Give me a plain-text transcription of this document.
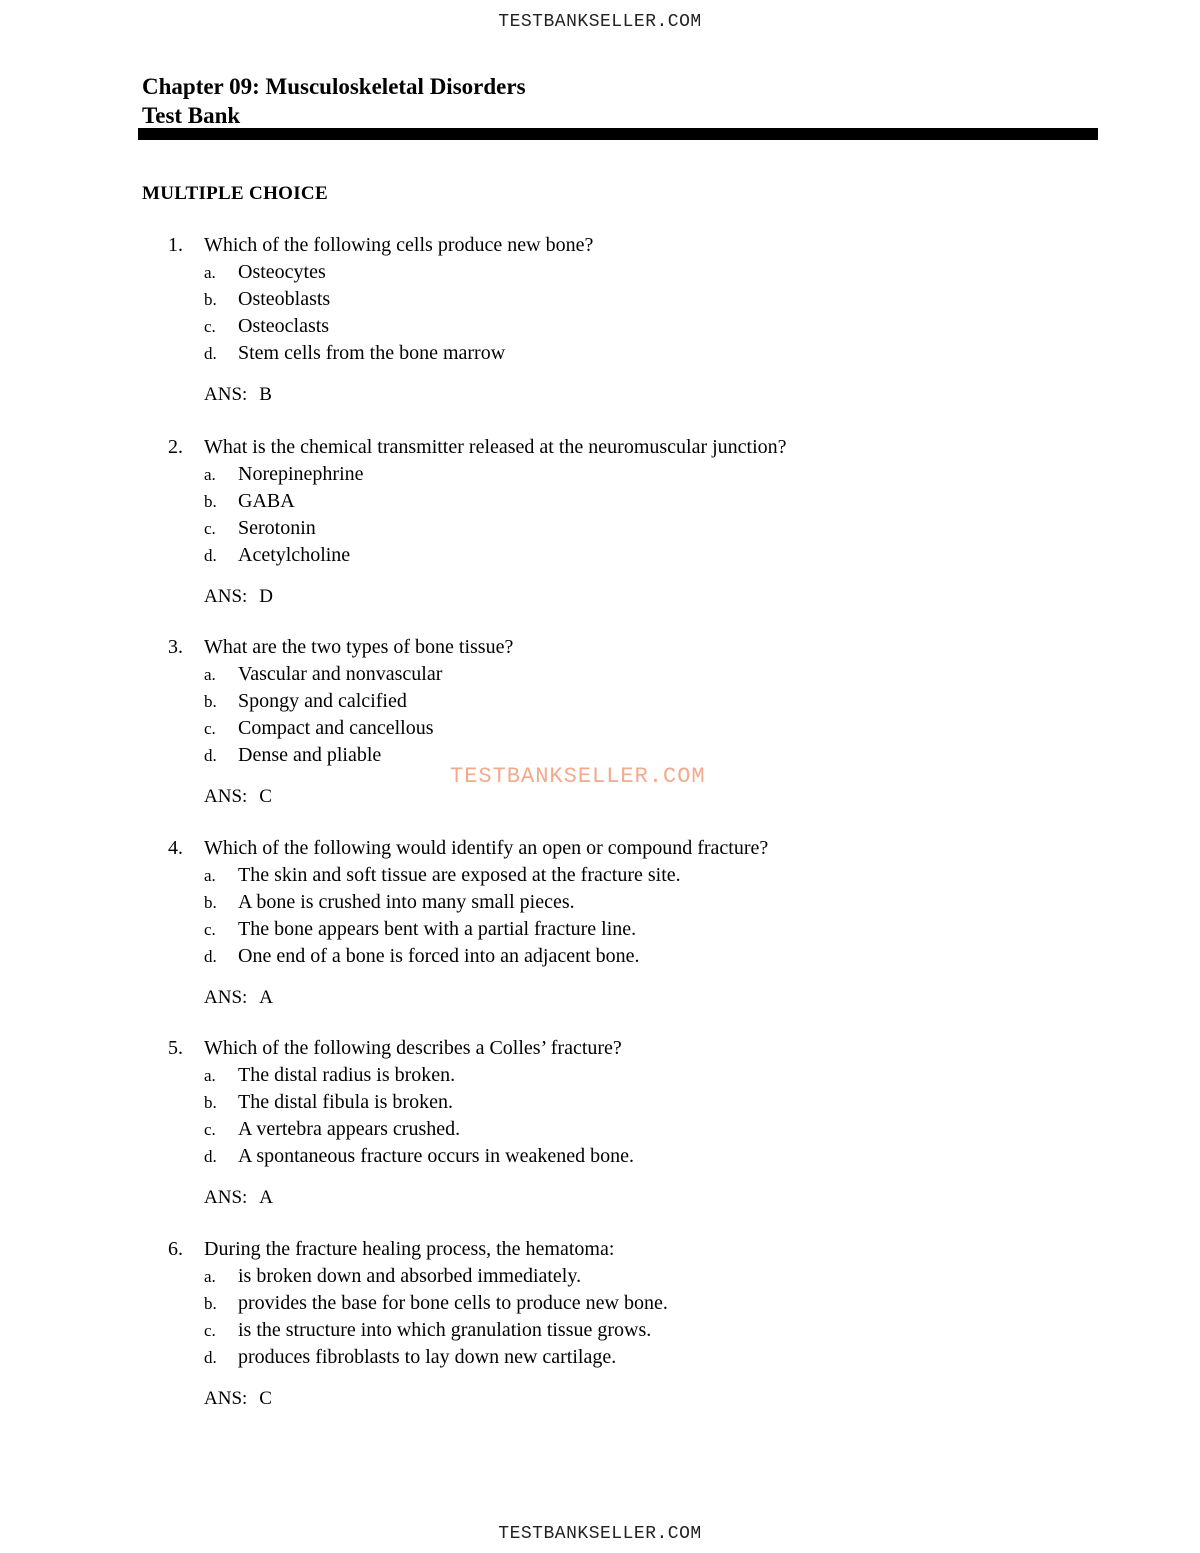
TESTBANKSELLER.COM
Chapter 09: Musculoskeletal Disorders
Test Bank
MULTIPLE CHOICE
1.	Which of the following cells produce new bone?
a. Osteocytes
b. Osteoblasts
c. Osteoclasts
d. Stem cells from the bone marrow
ANS: B
2.	What is the chemical transmitter released at the neuromuscular junction?
a. Norepinephrine
b. GABA
c. Serotonin
d. Acetylcholine
ANS: D
3.	What are the two types of bone tissue?
a. Vascular and nonvascular
b. Spongy and calcified
c. Compact and cancellous
d. Dense and pliable
ANS: C
4.	Which of the following would identify an open or compound fracture?
a. The skin and soft tissue are exposed at the fracture site.
b. A bone is crushed into many small pieces.
c. The bone appears bent with a partial fracture line.
d. One end of a bone is forced into an adjacent bone.
ANS: A
5.	Which of the following describes a Colles’ fracture?
a. The distal radius is broken.
b. The distal fibula is broken.
c. A vertebra appears crushed.
d. A spontaneous fracture occurs in weakened bone.
ANS: A
6.	During the fracture healing process, the hematoma:
a. is broken down and absorbed immediately.
b. provides the base for bone cells to produce new bone.
c. is the structure into which granulation tissue grows.
d. produces fibroblasts to lay down new cartilage.
ANS: C
TESTBANKSELLER.COM
TESTBANKSELLER.COM
